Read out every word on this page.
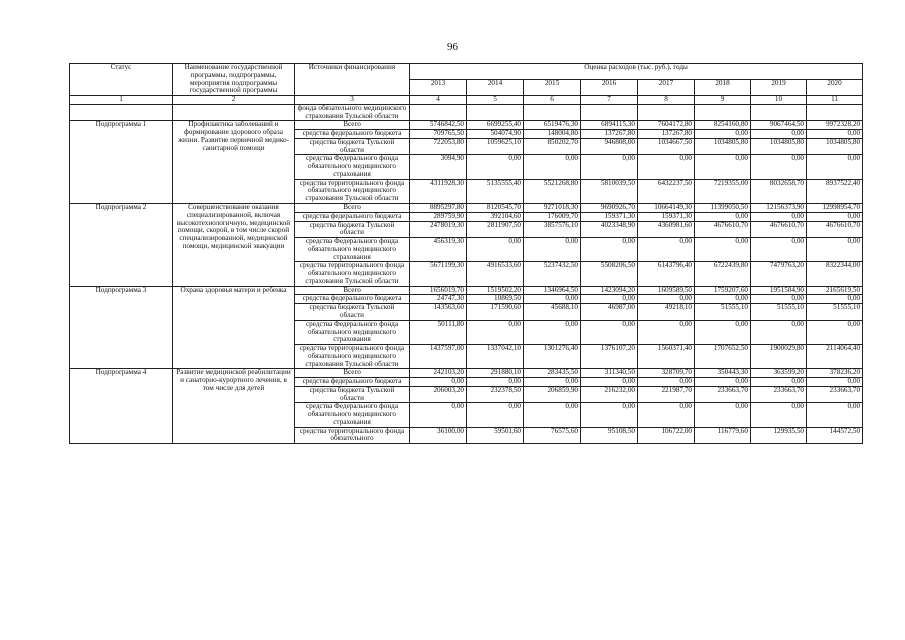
96
Статус	Наименование государственной программы, подпрограммы, мероприятия подпрограммы государственной программы	Источники финансирования	Оценка расходов (тыс. руб.), годы							
			2013	2014	2015	2016	2017	2018	2019	2020
1	2	3	4	5	6	7	8	9	10	11
		фонда обязательного медицинского страхования Тульской области								
Подпрограмма 1	Профилактика заболеваний и формирование здорового образа жизни. Развитие первичной медико-санитарной помощи	Всего	5746842,50	6699255,40	6519476,30	6894115,30	7604172,80	8254160,80	9067464,50	9972328,20
		средства федерального бюджета	709765,50	504074,90	148004,80	137267,80	137267,80	0,00	0,00	0,00
		средства бюджета Тульской области	722053,80	1059625,10	850202,70	946808,00	1034667,50	1034805,80	1034805,80	1034805,80
		средства Федерального фонда обязательного медицинского страхования	3094,90	0,00	0,00	0,00	0,00	0,00	0,00	0,00
		средства территориального фонда обязательного медицинского страхования Тульской области	4311928,30	5135555,40	5521268,80	5810039,50	6432237,50	7219355,00	8032658,70	8937522,40
Подпрограмма 2	Совершенствование оказания специализированной, включая высокотехнологичную, медицинской помощи, скорой, в том числе скорой специализированной, медицинской помощи, медицинской эвакуации	Всего	8895297,80	8120545,70	9271018,30	9690926,70	10664149,30	11399050,50	12156373,90	12998954,70
		средства федерального бюджета	289759,90	392104,60	176009,70	159371,30	159371,30	0,00	0,00	0,00
		средства бюджета Тульской области	2478019,30	2811907,50	3857576,10	4023348,90	4360981,60	4676610,70	4676610,70	4676610,70
		средства Федерального фонда обязательного медицинского страхования	456319,30	0,00	0,00	0,00	0,00	0,00	0,00	0,00
		средства территориального фонда обязательного медицинского страхования Тульской области	5671199,30	4916533,60	5237432,50	5508206,50	6143796,40	6722439,80	7479763,20	8322344,00
Подпрограмма 3	Охрана здоровья матери и ребенка	Всего	1656019,70	1519502,20	1346964,50	1423094,20	1609589,50	1759207,60	1951584,90	2165619,50
		средства федерального бюджета	24747,30	10869,50	0,00	0,00	0,00	0,00	0,00	0,00
		средства бюджета Тульской области	143563,60	171590,60	45688,10	46987,00	49218,10	51555,10	51555,10	51555,10
		средства Федерального фонда обязательного медицинского страхования	50111,80	0,00	0,00	0,00	0,00	0,00	0,00	0,00
		средства территориального фонда обязательного медицинского страхования Тульской области	1437597,00	1337042,10	1301276,40	1376107,20	1560371,40	1707652,50	1900029,80	2114064,40
Подпрограмма 4	Развитие медицинской реабилитации и санаторно-курортного лечения, в том числе для детей	Всего	242103,20	291880,10	283435,50	311340,50	328709,70	350443,30	363599,20	378236,20
		средства федерального бюджета	0,00	0,00	0,00	0,00	0,00	0,00	0,00	0,00
		средства бюджета Тульской области	206003,20	232378,50	206859,90	216232,00	221987,70	233663,70	233663,70	233663,70
		средства Федерального фонда обязательного медицинского страхования	0,00	0,00	0,00	0,00	0,00	0,00	0,00	0,00
		средства территориального фонда обязательного	36100,00	59501,60	76575,60	95108,50	106722,00	116779,60	129935,50	144572,50
